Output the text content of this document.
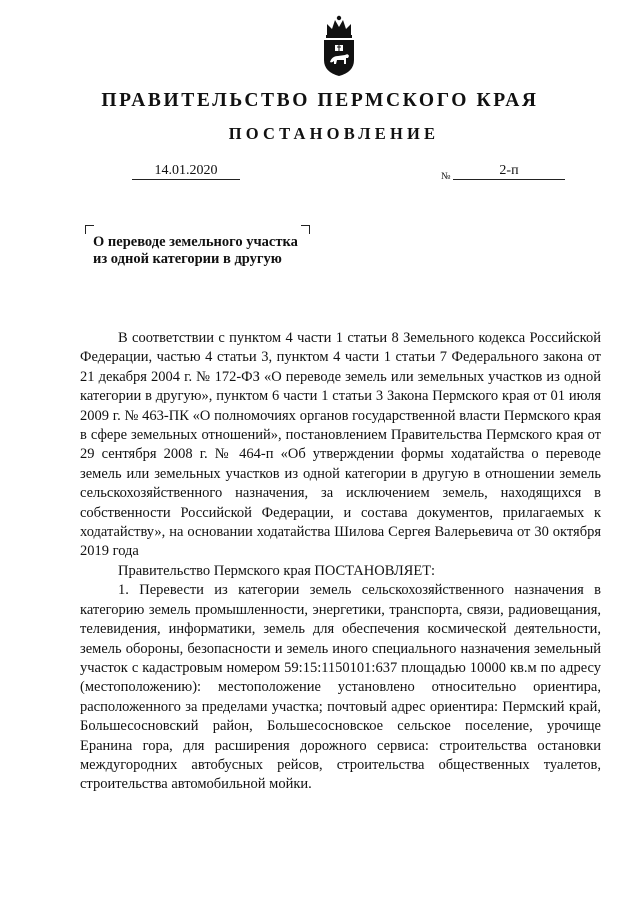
ПРАВИТЕЛЬСТВО ПЕРМСКОГО КРАЯ
ПОСТАНОВЛЕНИЕ
14.01.2020	№	2-п
О переводе земельного участка
из одной категории в другую

В соответствии с пунктом 4 части 1 статьи 8 Земельного кодекса Российской Федерации, частью 4 статьи 3, пунктом 4 части 1 статьи 7 Федерального закона от 21 декабря 2004 г. № 172-ФЗ «О переводе земель или земельных участков из одной категории в другую», пунктом 6 части 1 статьи 3 Закона Пермского края от 01 июля 2009 г. № 463-ПК «О полномочиях органов государственной власти Пермского края в сфере земельных отношений», постановлением Правительства Пермского края от 29 сентября 2008 г. № 464-п «Об утверждении формы ходатайства о переводе земель или земельных участков из одной категории в другую в отношении земель сельскохозяйственного назначения, за исключением земель, находящихся в собственности Российской Федерации, и состава документов, прилагаемых к ходатайству», на основании ходатайства Шилова Сергея Валерьевича от 30 октября 2019 года

Правительство Пермского края ПОСТАНОВЛЯЕТ:

1. Перевести из категории земель сельскохозяйственного назначения в категорию земель промышленности, энергетики, транспорта, связи, радиовещания, телевидения, информатики, земель для обеспечения космической деятельности, земель обороны, безопасности и земель иного специального назначения земельный участок с кадастровым номером 59:15:1150101:637 площадью 10000 кв.м по адресу (местоположению): местоположение установлено относительно ориентира, расположенного за пределами участка; почтовый адрес ориентира: Пермский край, Большесосновский район, Большесосновское сельское поселение, урочище Еранина гора, для расширения дорожного сервиса: строительства остановки междугородних автобусных рейсов, строительства общественных туалетов, строительства автомобильной мойки.
